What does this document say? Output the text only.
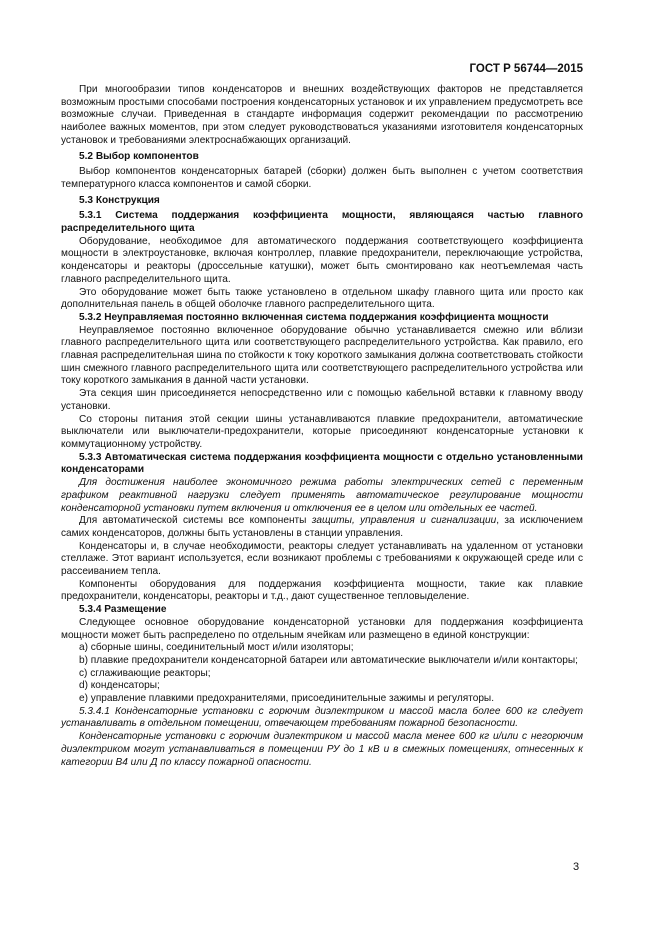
ГОСТ Р 56744—2015

При многообразии типов конденсаторов и внешних воздействующих факторов не представляется возможным простыми способами построения конденсаторных установок и их управлением предусмотреть все возможные случаи. Приведенная в стандарте информация содержит рекомендации по рассмотрению наиболее важных моментов, при этом следует руководствоваться указаниями изготовителя конденсаторных установок и требованиями электроснабжающих организаций.

5.2 Выбор компонентов

Выбор компонентов конденсаторных батарей (сборки) должен быть выполнен с учетом соответствия температурного класса компонентов и самой сборки.

5.3 Конструкция

5.3.1 Система поддержания коэффициента мощности, являющаяся частью главного распределительного щита

Оборудование, необходимое для автоматического поддержания соответствующего коэффициента мощности в электроустановке, включая контроллер, плавкие предохранители, переключающие устройства, конденсаторы и реакторы (дроссельные катушки), может быть смонтировано как неотъемлемая часть главного распределительного щита.

Это оборудование может быть также установлено в отдельном шкафу главного щита или просто как дополнительная панель в общей оболочке главного распределительного щита.

5.3.2 Неуправляемая постоянно включенная система поддержания коэффициента мощности

Неуправляемое постоянно включенное оборудование обычно устанавливается смежно или вблизи главного распределительного щита или соответствующего распределительного устройства. Как правило, его главная распределительная шина по стойкости к току короткого замыкания должна соответствовать стойкости шин смежного главного распределительного щита или соответствующего распределительного устройства или току короткого замыкания в данной части установки.

Эта секция шин присоединяется непосредственно или с помощью кабельной вставки к главному вводу установки.

Со стороны питания этой секции шины устанавливаются плавкие предохранители, автоматические выключатели или выключатели-предохранители, которые присоединяют конденсаторные установки к коммутационному устройству.

5.3.3 Автоматическая система поддержания коэффициента мощности с отдельно установленными конденсаторами

Для достижения наиболее экономичного режима работы электрических сетей с переменным графиком реактивной нагрузки следует применять автоматическое регулирование мощности конденсаторной установки путем включения и отключения ее в целом или отдельных ее частей.

Для автоматической системы все компоненты защиты, управления и сигнализации, за исключением самих конденсаторов, должны быть установлены в станции управления.

Конденсаторы и, в случае необходимости, реакторы следует устанавливать на удаленном от установки стеллаже. Этот вариант используется, если возникают проблемы с требованиями к окружающей среде или с рассеиванием тепла.

Компоненты оборудования для поддержания коэффициента мощности, такие как плавкие предохранители, конденсаторы, реакторы и т.д., дают существенное тепловыделение.

5.3.4 Размещение

Следующее основное оборудование конденсаторной установки для поддержания коэффициента мощности может быть распределено по отдельным ячейкам или размещено в единой конструкции:

а) сборные шины, соединительный мост и/или изоляторы;

b) плавкие предохранители конденсаторной батареи или автоматические выключатели и/или контакторы;

c) сглаживающие реакторы;

d) конденсаторы;

e) управление плавкими предохранителями, присоединительные зажимы и регуляторы.

5.3.4.1 Конденсаторные установки с горючим диэлектриком и массой масла более 600 кг следует устанавливать в отдельном помещении, отвечающем требованиям пожарной безопасности.

Конденсаторные установки с горючим диэлектриком и массой масла менее 600 кг и/или с негорючим диэлектриком могут устанавливаться в помещении РУ до 1 кВ и в смежных помещениях, отнесенных к категории В4 или Д по классу пожарной опасности.

3
